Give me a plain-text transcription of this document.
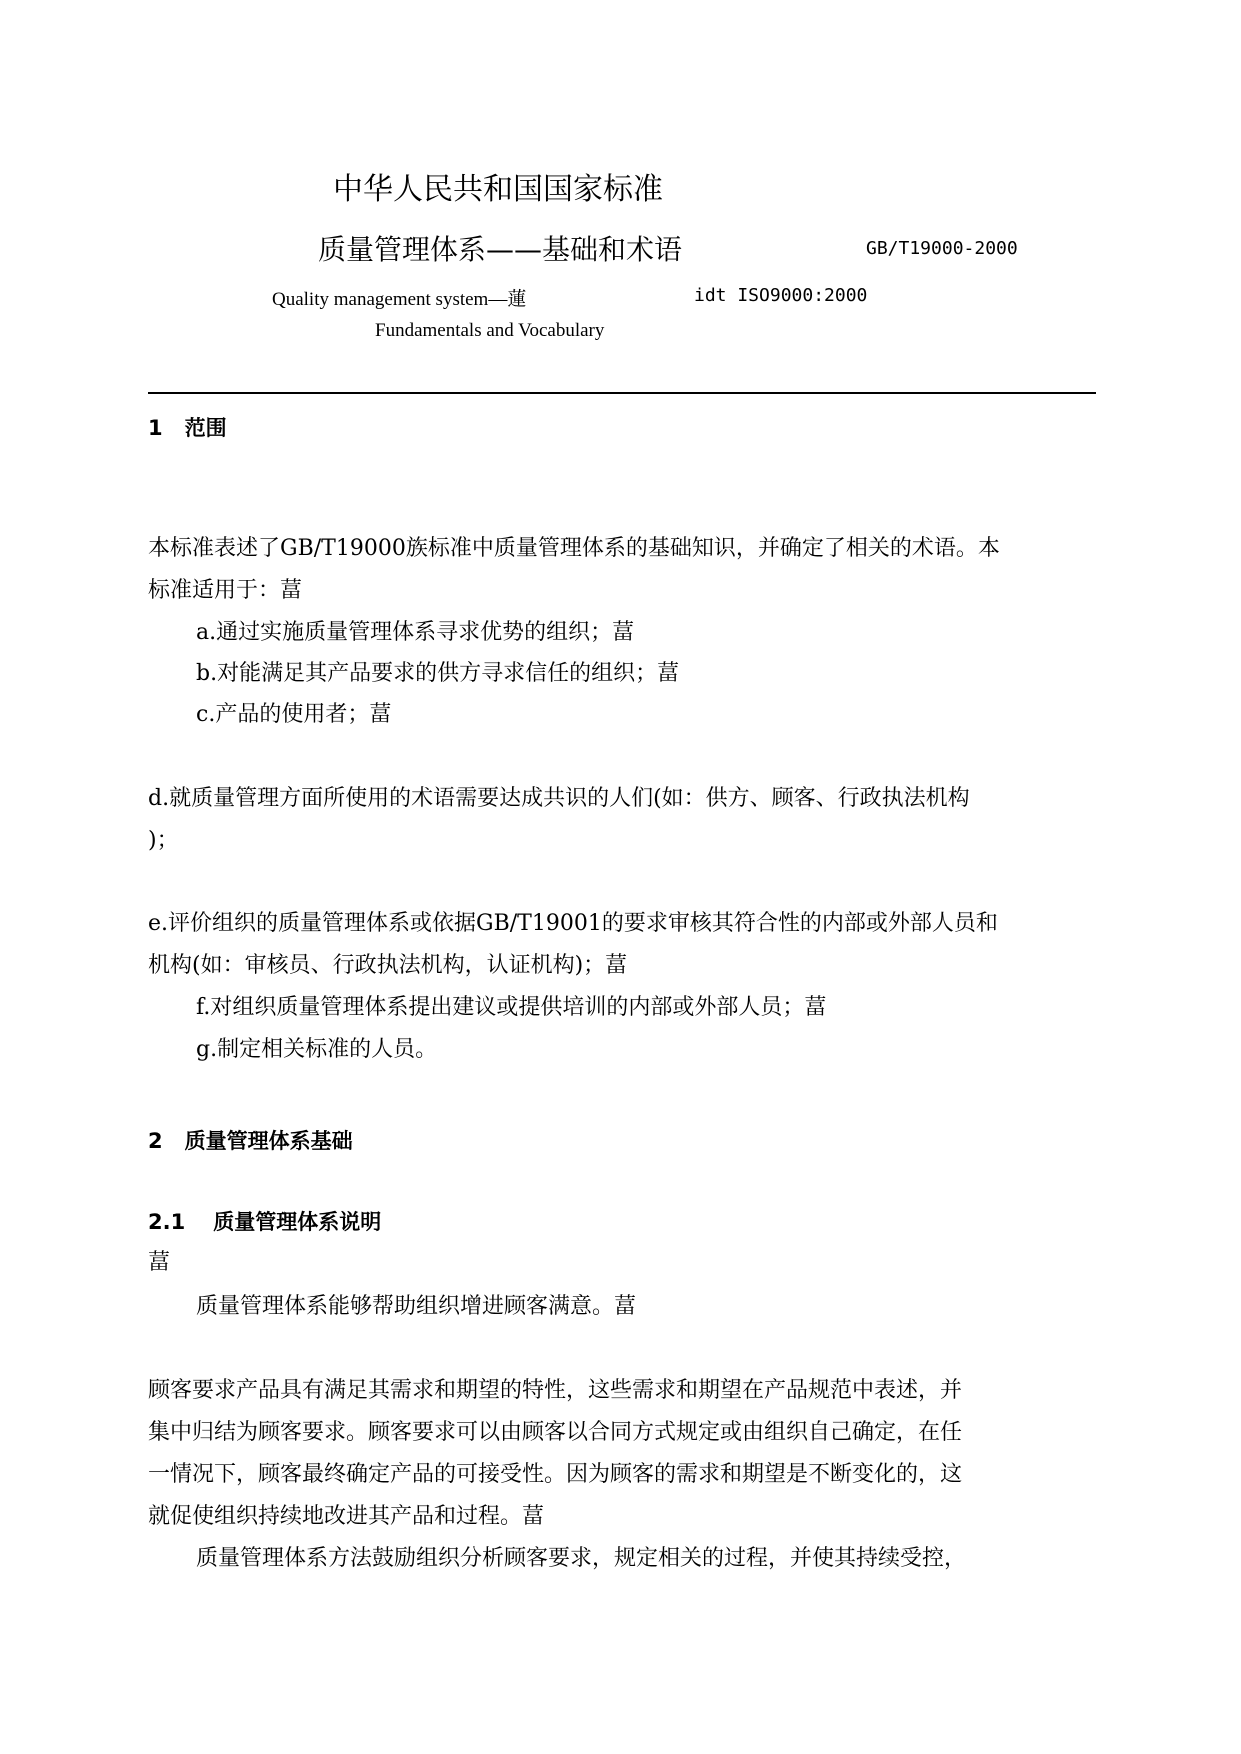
中华人民共和国国家标准
质量管理体系——基础和术语	GB/T19000-2000
Quality management system—蓮	idt ISO9000:2000
Fundamentals and Vocabulary
1 范围
本标准表述了GB/T19000族标准中质量管理体系的基础知识，并确定了相关的术语。本
标准适用于：葍
a.通过实施质量管理体系寻求优势的组织；葍
b.对能满足其产品要求的供方寻求信任的组织；葍
c.产品的使用者；葍
d.就质量管理方面所使用的术语需要达成共识的人们(如：供方、顾客、行政执法机构
)；
e.评价组织的质量管理体系或依据GB/T19001的要求审核其符合性的内部或外部人员和
机构(如：审核员、行政执法机构，认证机构)；葍
f.对组织质量管理体系提出建议或提供培训的内部或外部人员；葍
g.制定相关标准的人员。
2 质量管理体系基础
2.1 质量管理体系说明
葍
质量管理体系能够帮助组织增进顾客满意。葍
顾客要求产品具有满足其需求和期望的特性，这些需求和期望在产品规范中表述，并
集中归结为顾客要求。顾客要求可以由顾客以合同方式规定或由组织自己确定，在任
一情况下，顾客最终确定产品的可接受性。因为顾客的需求和期望是不断变化的，这
就促使组织持续地改进其产品和过程。葍
质量管理体系方法鼓励组织分析顾客要求，规定相关的过程，并使其持续受控，
